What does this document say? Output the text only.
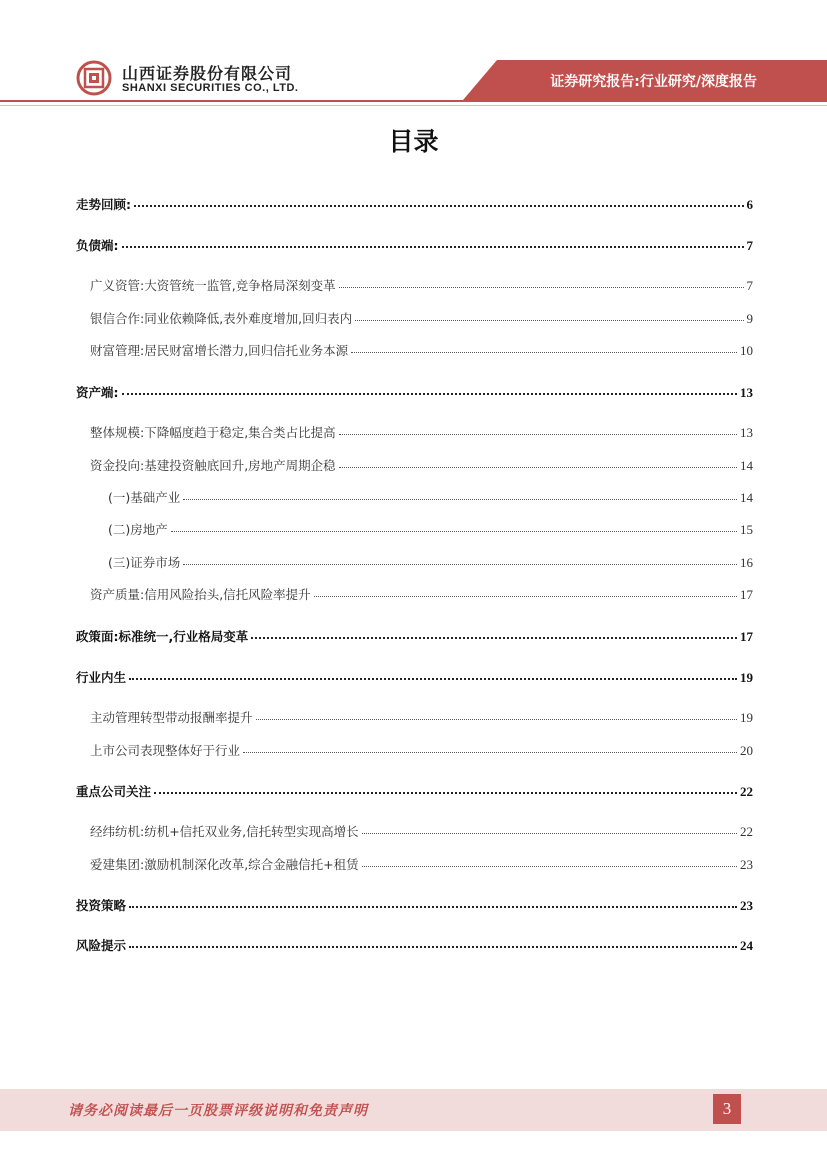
山西证券股份有限公司
SHANXI SECURITIES CO., LTD.	证券研究报告:行业研究/深度报告
目录
走势回顾:	6
负债端:	7
广义资管:大资管统一监管,竞争格局深刻变革	7
银信合作:同业依赖降低,表外难度增加,回归表内	9
财富管理:居民财富增长潜力,回归信托业务本源	10
资产端:	13
整体规模:下降幅度趋于稳定,集合类占比提高	13
资金投向:基建投资触底回升,房地产周期企稳	14
(一)基础产业	14
(二)房地产	15
(三)证券市场	16
资产质量:信用风险抬头,信托风险率提升	17
政策面:标准统一,行业格局变革	17
行业内生	19
主动管理转型带动报酬率提升	19
上市公司表现整体好于行业	20
重点公司关注	22
经纬纺机:纺机+信托双业务,信托转型实现高增长	22
爱建集团:激励机制深化改革,综合金融信托+租赁	23
投资策略	23
风险提示	24
请务必阅读最后一页股票评级说明和免责声明	3
